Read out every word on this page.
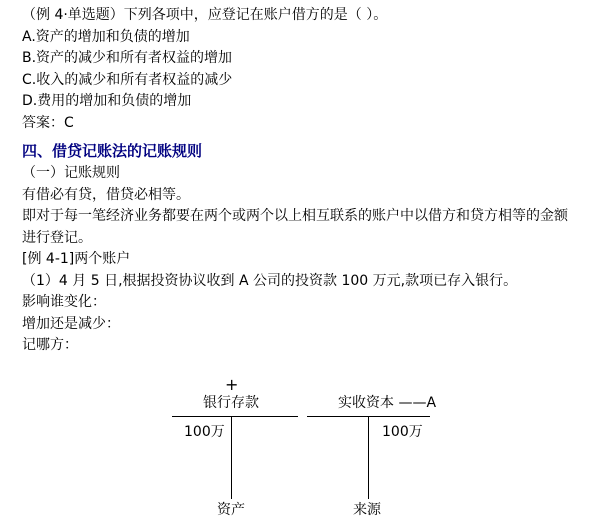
（例 4·单选题）下列各项中，应登记在账户借方的是（ ）。

A.资产的增加和负债的增加

B.资产的减少和所有者权益的增加

C.收入的减少和所有者权益的减少

D.费用的增加和负债的增加

答案：C

四、借贷记账法的记账规则

（一）记账规则

有借必有贷，借贷必相等。

即对于每一笔经济业务都要在两个或两个以上相互联系的账户中以借方和贷方相等的金额

进行登记。

[例 4-1]两个账户

（1）4 月 5 日,根据投资协议收到 A 公司的投资款 100 万元,款项已存入银行。

影响谁变化：

增加还是减少：

记哪方：

+
银行存款	实收资本 ——A
100万	100万
资产	来源
